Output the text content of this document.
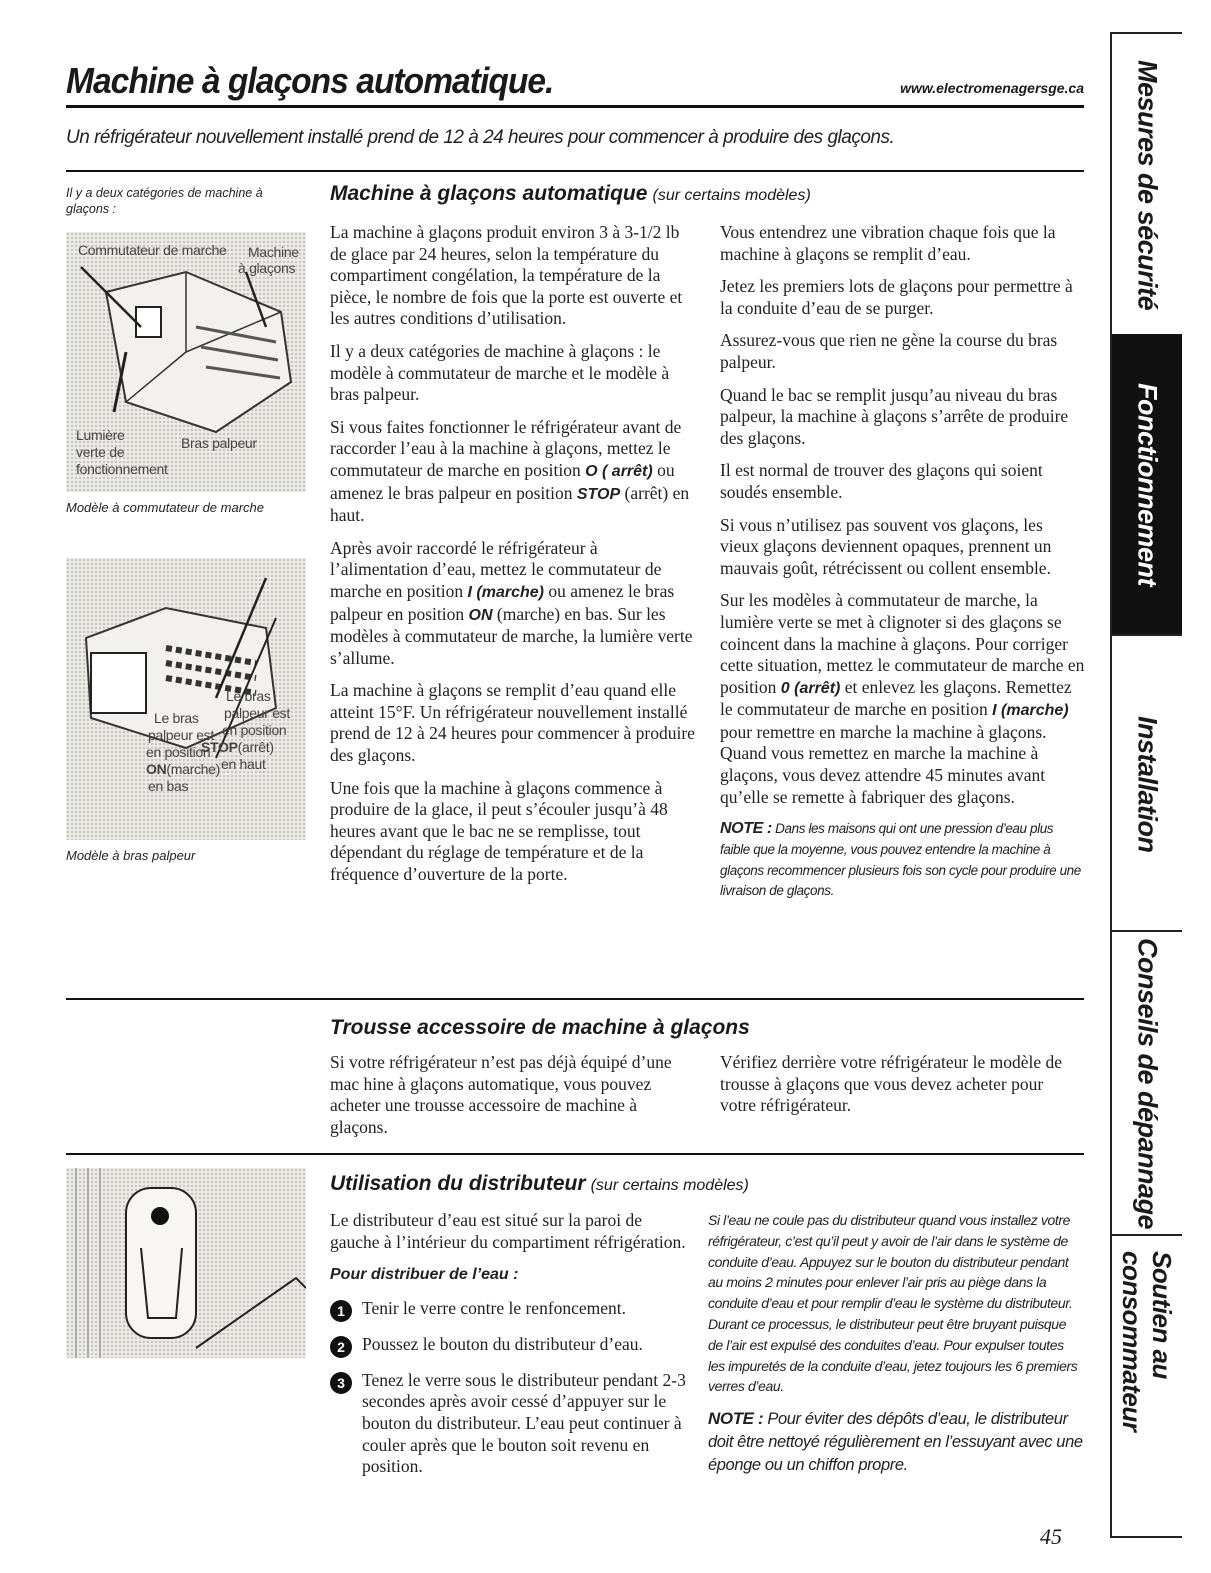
Machine à glaçons automatique.	www.electromenagersge.ca
Un réfrigérateur nouvellement installé prend de 12 à 24 heures pour commencer à produire des glaçons.
Il y a deux catégories de machine à glaçons :
Commutateur de marche Machine
à glaçons
Lumière
verte de
fonctionnement
Bras palpeur
Modèle à commutateur de marche
Le bras
palpeur est
en position
STOP(arrêt)
en haut
Le bras
palpeur est
en position
ON(marche)
en bas
Modèle à bras palpeur
Machine à glaçons automatique (sur certains modèles)

La machine à glaçons produit environ 3 à 3-1/2 lb de glace par 24 heures, selon la température du compartiment congélation, la température de la pièce, le nombre de fois que la porte est ouverte et les autres conditions d’utilisation.

Il y a deux catégories de machine à glaçons : le modèle à commutateur de marche et le modèle à bras palpeur.

Si vous faites fonctionner le réfrigérateur avant de raccorder l’eau à la machine à glaçons, mettez le commutateur de marche en position O ( arrêt) ou amenez le bras palpeur en position STOP (arrêt) en haut.

Après avoir raccordé le réfrigérateur à l’alimentation d’eau, mettez le commutateur de marche en position I (marche) ou amenez le bras palpeur en position ON (marche) en bas. Sur les modèles à commutateur de marche, la lumière verte s’allume.

La machine à glaçons se remplit d’eau quand elle atteint 15°F. Un réfrigérateur nouvellement installé prend de 12 à 24 heures pour commencer à produire des glaçons.

Une fois que la machine à glaçons commence à produire de la glace, il peut s’écouler jusqu’à 48 heures avant que le bac ne se remplisse, tout dépendant du réglage de température et de la fréquence d’ouverture de la porte.

Vous entendrez une vibration chaque fois que la machine à glaçons se remplit d’eau.

Jetez les premiers lots de glaçons pour permettre à la conduite d’eau de se purger.

Assurez-vous que rien ne gène la course du bras palpeur.

Quand le bac se remplit jusqu’au niveau du bras palpeur, la machine à glaçons s’arrête de produire des glaçons.

Il est normal de trouver des glaçons qui soient soudés ensemble.

Si vous n’utilisez pas souvent vos glaçons, les vieux glaçons deviennent opaques, prennent un mauvais goût, rétrécissent ou collent ensemble.

Sur les modèles à commutateur de marche, la lumière verte se met à clignoter si des glaçons se coincent dans la machine à glaçons. Pour corriger cette situation, mettez le commutateur de marche en position 0 (arrêt) et enlevez les glaçons. Remettez le commutateur de marche en position I (marche) pour remettre en marche la machine à glaçons. Quand vous remettez en marche la machine à glaçons, vous devez attendre 45 minutes avant qu’elle se remette à fabriquer des glaçons.

NOTE : Dans les maisons qui ont une pression d’eau plus faible que la moyenne, vous pouvez entendre la machine à glaçons recommencer plusieurs fois son cycle pour produire une livraison de glaçons.

Trousse accessoire de machine à glaçons
Si votre réfrigérateur n’est pas déjà équipé d’une mac hine à glaçons automatique, vous pouvez acheter une trousse accessoire de machine à glaçons.
Vérifiez derrière votre réfrigérateur le modèle de trousse à glaçons que vous devez acheter pour votre réfrigérateur.
Utilisation du distributeur (sur certains modèles)

Le distributeur d’eau est situé sur la paroi de gauche à l’intérieur du compartiment réfrigération.

Pour distribuer de l’eau :

1 Tenir le verre contre le renfoncement.
2 Poussez le bouton du distributeur d’eau.
3 Tenez le verre sous le distributeur pendant 2-3 secondes après avoir cessé d’appuyer sur le bouton du distributeur. L’eau peut continuer à couler après que le bouton soit revenu en position.

Si l’eau ne coule pas du distributeur quand vous installez votre réfrigérateur, c’est qu’il peut y avoir de l’air dans le système de conduite d’eau. Appuyez sur le bouton du distributeur pendant au moins 2 minutes pour enlever l’air pris au piège dans la conduite d’eau et pour remplir d’eau le système du distributeur. Durant ce processus, le distributeur peut être bruyant puisque de l’air est expulsé des conduites d’eau. Pour expulser toutes les impuretés de la conduite d’eau, jetez toujours les 6 premiers verres d’eau.

NOTE : Pour éviter des dépôts d’eau, le distributeur doit être nettoyé régulièrement en l’essuyant avec une éponge ou un chiffon propre.

45
Mesures de sécurité
Fonctionnement
Installation
Conseils de dépannage
Soutien au consommateur
